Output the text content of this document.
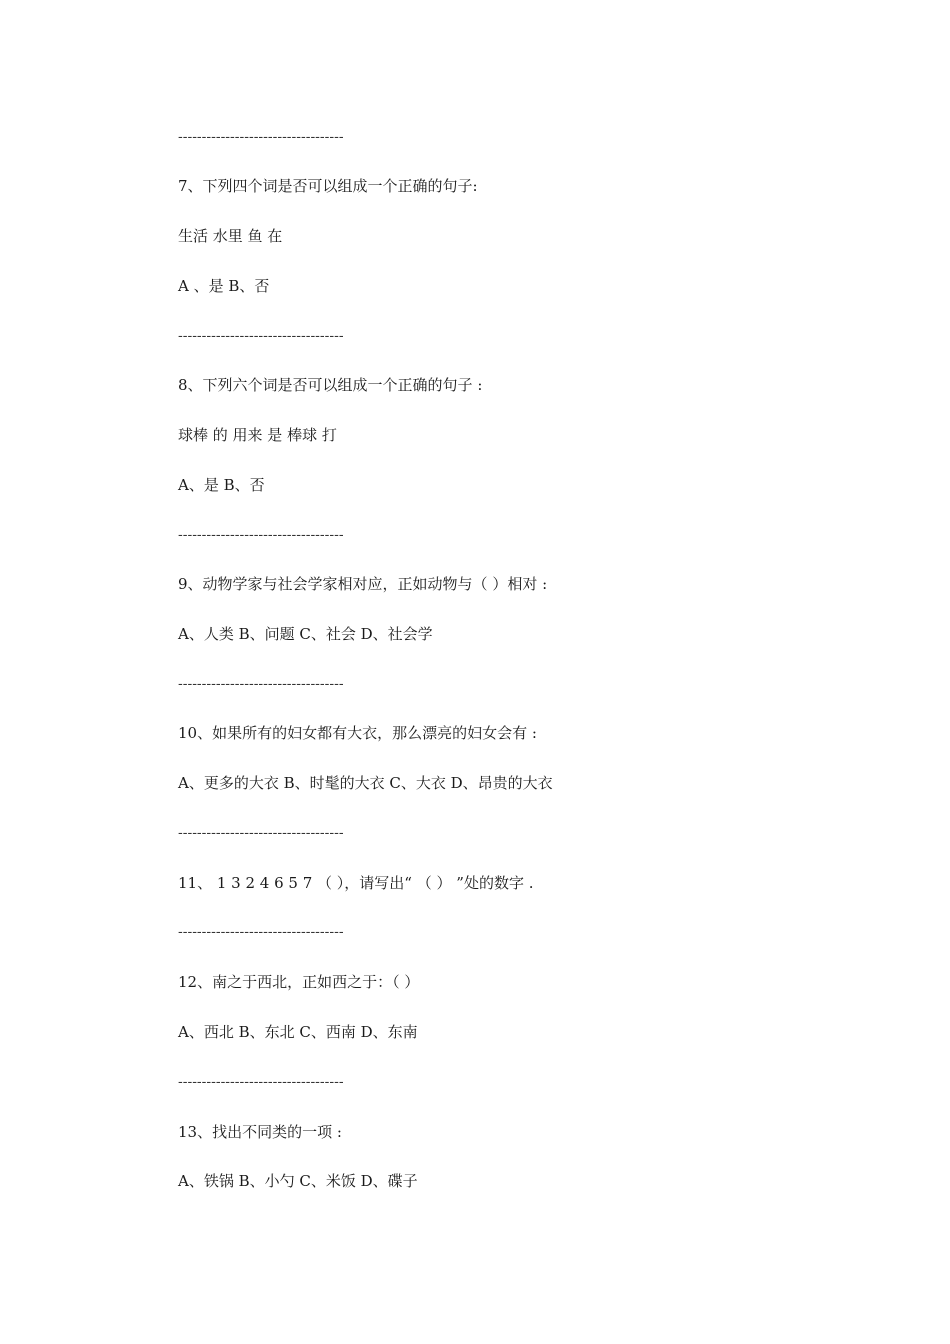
-----------------------------------
7、下列四个词是否可以组成一个正确的句子:
生活 水里 鱼 在
A 、是 B、否
-----------------------------------
8、下列六个词是否可以组成一个正确的句子 :
球棒 的 用来 是 棒球 打
A、是 B、否
-----------------------------------
9、动物学家与社会学家相对应，正如动物与（ ）相对 :
A、人类 B、问题 C、社会 D、社会学
-----------------------------------
10、如果所有的妇女都有大衣，那么漂亮的妇女会有 :
A、更多的大衣 B、时髦的大衣 C、大衣 D、昂贵的大衣
-----------------------------------
11、 1 3 2 4 6 5 7 （ ），请写出“ （ ） ”处的数字 .
-----------------------------------
12、南之于西北，正如西之于：（ ）
A、西北 B、东北 C、西南 D、东南
-----------------------------------
13、找出不同类的一项 :
A、铁锅 B、小勺 C、米饭 D、碟子
